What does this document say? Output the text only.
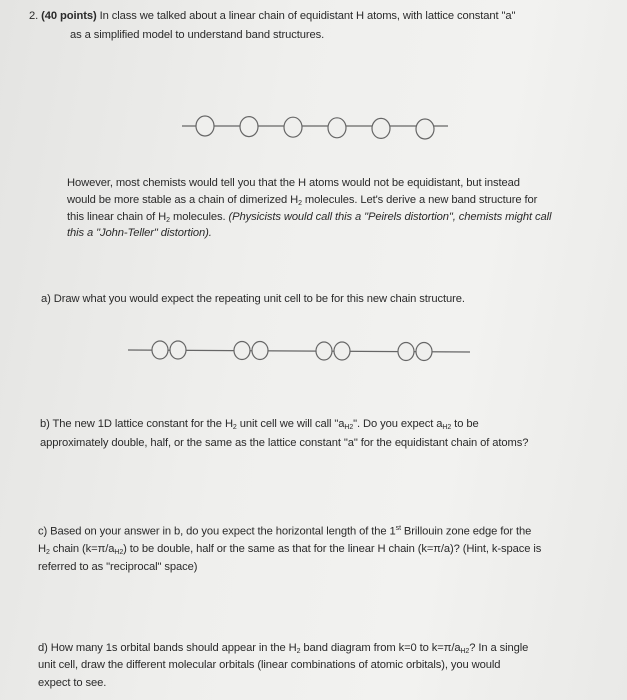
2. (40 points) In class we talked about a linear chain of equidistant H atoms, with lattice constant "a"
as a simplified model to understand band structures.
However, most chemists would tell you that the H atoms would not be equidistant, but instead
would be more stable as a chain of dimerized $H_2$ molecules. Let's derive a new band structure for
this linear chain of $H_2$ molecules. (Physicists would call this a "Peirels distortion", chemists might call
this a "John-Teller" distortion).
a) Draw what you would expect the repeating unit cell to be for this new chain structure.
b) The new 1D lattice constant for the $H_2$ unit cell we will call "$a_{H2}$". Do you expect $a_{H2}$ to be
approximately double, half, or the same as the lattice constant "a" for the equidistant chain of atoms?
c) Based on your answer in b, do you expect the horizontal length of the 1st Brillouin zone edge for the
$H_2$ chain $(k=\pi/a_{H2})$ to be double, half or the same as that for the linear H chain (k=π/a)? (Hint, k-space is
referred to as "reciprocal" space)
d) How many 1s orbital bands should appear in the $H_2$ band diagram from k=0 to $k=\pi/a_{H2}$? In a single
unit cell, draw the different molecular orbitals (linear combinations of atomic orbitals), you would
expect to see.
